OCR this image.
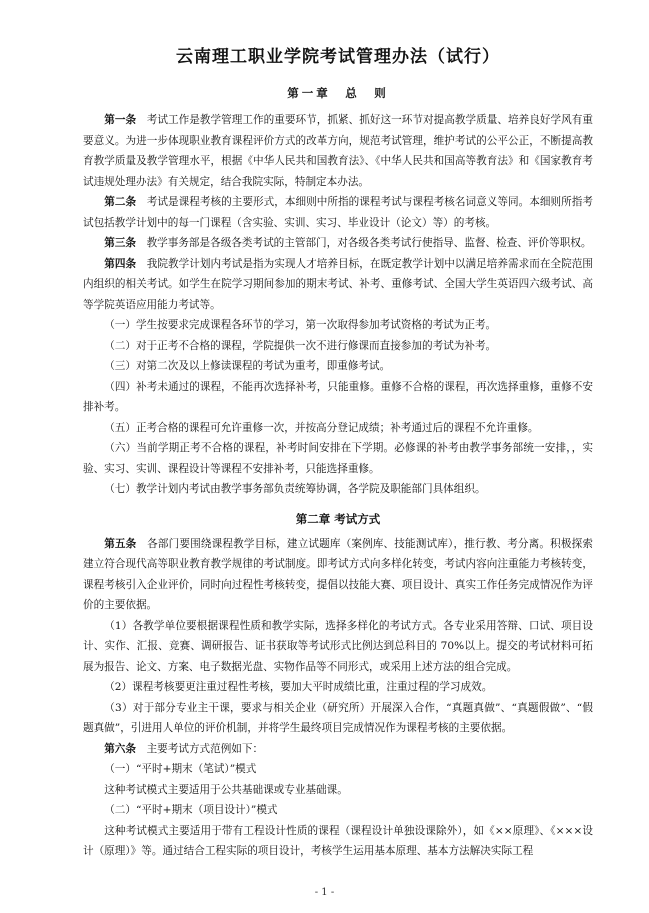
云南理工职业学院考试管理办法（试行）
第一章　总　则

第一条　 考试工作是教学管理工作的重要环节，抓紧、抓好这一环节对提高教学质量、培养良好学风有重要意义。为进一步体现职业教育课程评价方式的改革方向，规范考试管理，维护考试的公平公正，不断提高教育教学质量及教学管理水平，根据《中华人民共和国教育法》、《中华人民共和国高等教育法》和《国家教育考试违规处理办法》有关规定，结合我院实际，特制定本办法。

第二条　 考试是课程考核的主要形式，本细则中所指的课程考试与课程考核名词意义等同。本细则所指考试包括教学计划中的每一门课程（含实验、实训、实习、毕业设计（论文）等）的考核。

第三条　 教学事务部是各级各类考试的主管部门，对各级各类考试行使指导、监督、检查、评价等职权。

第四条　 我院教学计划内考试是指为实现人才培养目标，在既定教学计划中以满足培养需求而在全院范围内组织的相关考试。如学生在院学习期间参加的期末考试、补考、重修考试、全国大学生英语四六级考试、高等学院英语应用能力考试等。

（一）学生按要求完成课程各环节的学习，第一次取得参加考试资格的考试为正考。

（二）对于正考不合格的课程，学院提供一次不进行修课而直接参加的考试为补考。

（三）对第二次及以上修读课程的考试为重考，即重修考试。

（四）补考未通过的课程，不能再次选择补考，只能重修。重修不合格的课程，再次选择重修，重修不安排补考。

（五）正考合格的课程可允许重修一次，并按高分登记成绩；补考通过后的课程不允许重修。

（六）当前学期正考不合格的课程，补考时间安排在下学期。必修课的补考由教学事务部统一安排，，实验、实习、实训、课程设计等课程不安排补考，只能选择重修。

（七）教学计划内考试由教学事务部负责统筹协调，各学院及职能部门具体组织。

第二章 考试方式

第五条　 各部门要围绕课程教学目标，建立试题库（案例库、技能测试库），推行教、考分离。积极探索建立符合现代高等职业教育教学规律的考试制度。即考试方式向多样化转变，考试内容向注重能力考核转变，课程考核引入企业评价，同时向过程性考核转变，提倡以技能大赛、项目设计、真实工作任务完成情况作为评价的主要依据。

（1）各教学单位要根据课程性质和教学实际，选择多样化的考试方式。各专业采用答辩、口试、项目设计、实作、汇报、竞赛、调研报告、证书获取等考试形式比例达到总科目的 70%以上。提交的考试材料可拓展为报告、论文、方案、电子数据光盘、实物作品等不同形式，或采用上述方法的组合完成。

（2）课程考核要更注重过程性考核，要加大平时成绩比重，注重过程的学习成效。

（3）对于部分专业主干课，要求与相关企业（研究所）开展深入合作，“真题真做”、“真题假做”、“假题真做”，引进用人单位的评价机制，并将学生最终项目完成情况作为课程考核的主要依据。

第六条　 主要考试方式范例如下：

（一）“平时+期末（笔试）”模式

这种考试模式主要适用于公共基础课或专业基础课。

（二）“平时+期末（项目设计）”模式

这种考试模式主要适用于带有工程设计性质的课程（课程设计单独设课除外），如《××原理》、《×××设计（原理）》等。通过结合工程实际的项目设计，考核学生运用基本原理、基本方法解决实际工程

- 1 -
